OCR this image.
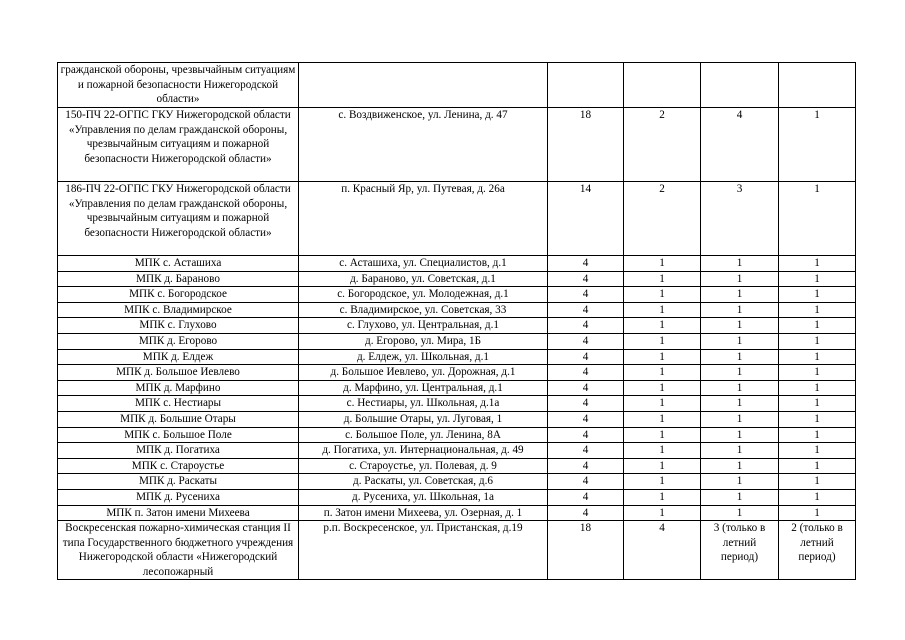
гражданской обороны, чрезвычайным ситуациям и пожарной безопасности Нижегородской области»					
150-ПЧ 22-ОГПС ГКУ Нижегородской области «Управления по делам гражданской обороны, чрезвычайным ситуациям и пожарной безопасности Нижегородской области»	с. Воздвиженское, ул. Ленина, д. 47	18	2	4	1
186-ПЧ 22-ОГПС ГКУ Нижегородской области «Управления по делам гражданской обороны, чрезвычайным ситуациям и пожарной безопасности Нижегородской области»	п. Красный Яр, ул. Путевая, д. 26а	14	2	3	1
МПК с. Асташиха	с. Асташиха, ул. Специалистов, д.1	4	1	1	1
МПК д. Бараново	д. Бараново, ул. Советская, д.1	4	1	1	1
МПК с. Богородское	с. Богородское, ул. Молодежная, д.1	4	1	1	1
МПК с. Владимирское	с. Владимирское, ул. Советская, 33	4	1	1	1
МПК с. Глухово	с. Глухово, ул. Центральная, д.1	4	1	1	1
МПК д. Егорово	д. Егорово, ул. Мира, 1Б	4	1	1	1
МПК д. Елдеж	д. Елдеж, ул. Школьная, д.1	4	1	1	1
МПК д. Большое Иевлево	д. Большое Иевлево, ул. Дорожная, д.1	4	1	1	1
МПК д. Марфино	д. Марфино, ул. Центральная, д.1	4	1	1	1
МПК с. Нестиары	с. Нестиары, ул. Школьная, д.1а	4	1	1	1
МПК д. Большие Отары	д. Большие Отары, ул. Луговая, 1	4	1	1	1
МПК с. Большое Поле	с. Большое Поле, ул. Ленина, 8А	4	1	1	1
МПК д. Погатиха	д. Погатиха, ул. Интернациональная, д. 49	4	1	1	1
МПК с. Староустье	с. Староустье, ул. Полевая, д. 9	4	1	1	1
МПК д. Раскаты	д. Раскаты, ул. Советская, д.6	4	1	1	1
МПК д. Русениха	д. Русениха, ул. Школьная, 1а	4	1	1	1
МПК п. Затон имени Михеева	п. Затон имени Михеева, ул. Озерная, д. 1	4	1	1	1
Воскресенская пожарно-химическая станция II типа Государственного бюджетного учреждения Нижегородской области «Нижегородский лесопожарный	р.п. Воскресенское, ул. Пристанская, д.19	18	4	3 (только в летний период)	2 (только в летний период)
